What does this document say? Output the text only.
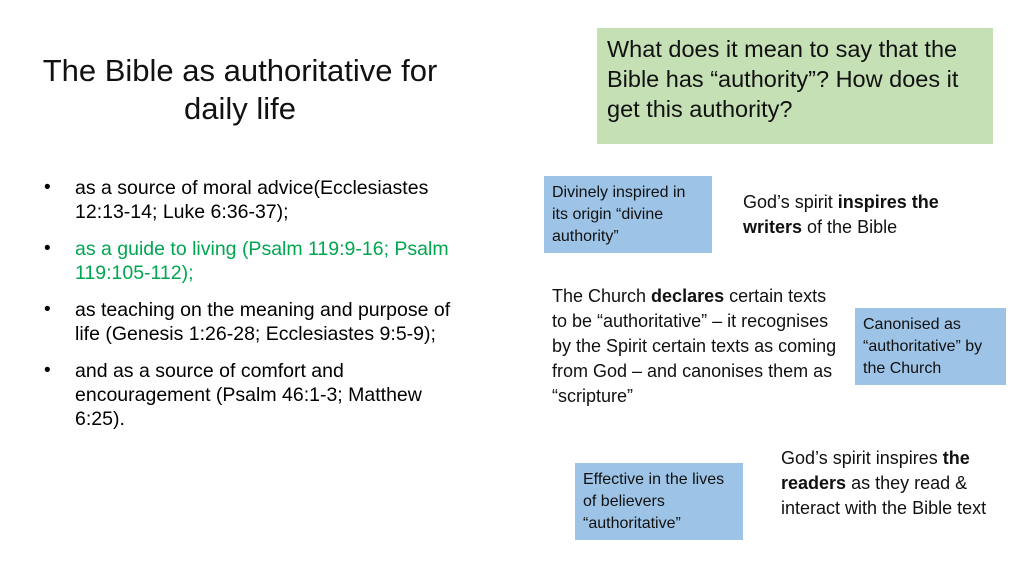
The Bible as authoritative for daily life
• as a source of moral advice(Ecclesiastes 12:13-14; Luke 6:36-37);
• as a guide to living (Psalm 119:9-16; Psalm 119:105-112);
• as teaching on the meaning and purpose of life (Genesis 1:26-28; Ecclesiastes 9:5-9);
• and as a source of comfort and encouragement (Psalm 46:1-3; Matthew 6:25).
What does it mean to say that the Bible has “authority”? How does it get this authority?
Divinely inspired in its origin “divine authority”
Canonised as “authoritative” by the Church
Effective in the lives of believers “authoritative”
God’s spirit inspires the writers of the Bible
The Church declares certain texts to be “authoritative” – it recognises by the Spirit certain texts as coming from God – and canonises them as “scripture”
God’s spirit inspires the readers as they read & interact with the Bible text
